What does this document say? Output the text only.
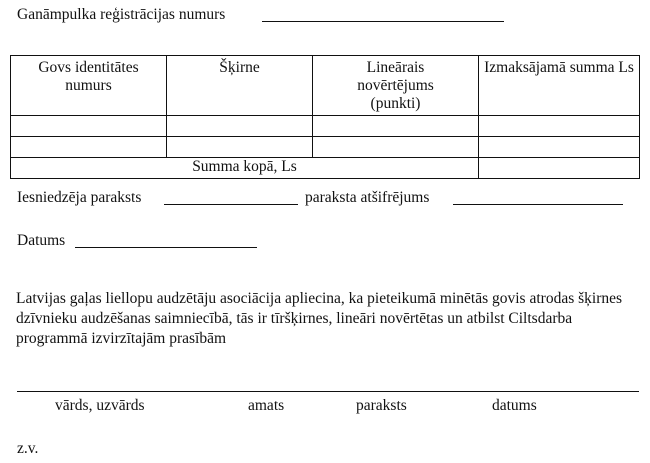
Ganāmpulka reģistrācijas numurs
Govs identitātes numurs	Šķirne	Lineārais novērtējums (punkti)	Izmaksājamā summa Ls

Summa kopā, Ls			
Iesniedzēja paraksts	paraksta atšifrējums
Datums
Latvijas gaļas liellopu audzētāju asociācija apliecina, ka pieteikumā minētās govis atrodas šķirnes dzīvnieku audzēšanas saimniecībā, tās ir tīršķirnes, lineāri novērtētas un atbilst Ciltsdarba programmā izvirzītajām prasībām
vārds, uzvārds	amats	paraksts	datums
z.v.
